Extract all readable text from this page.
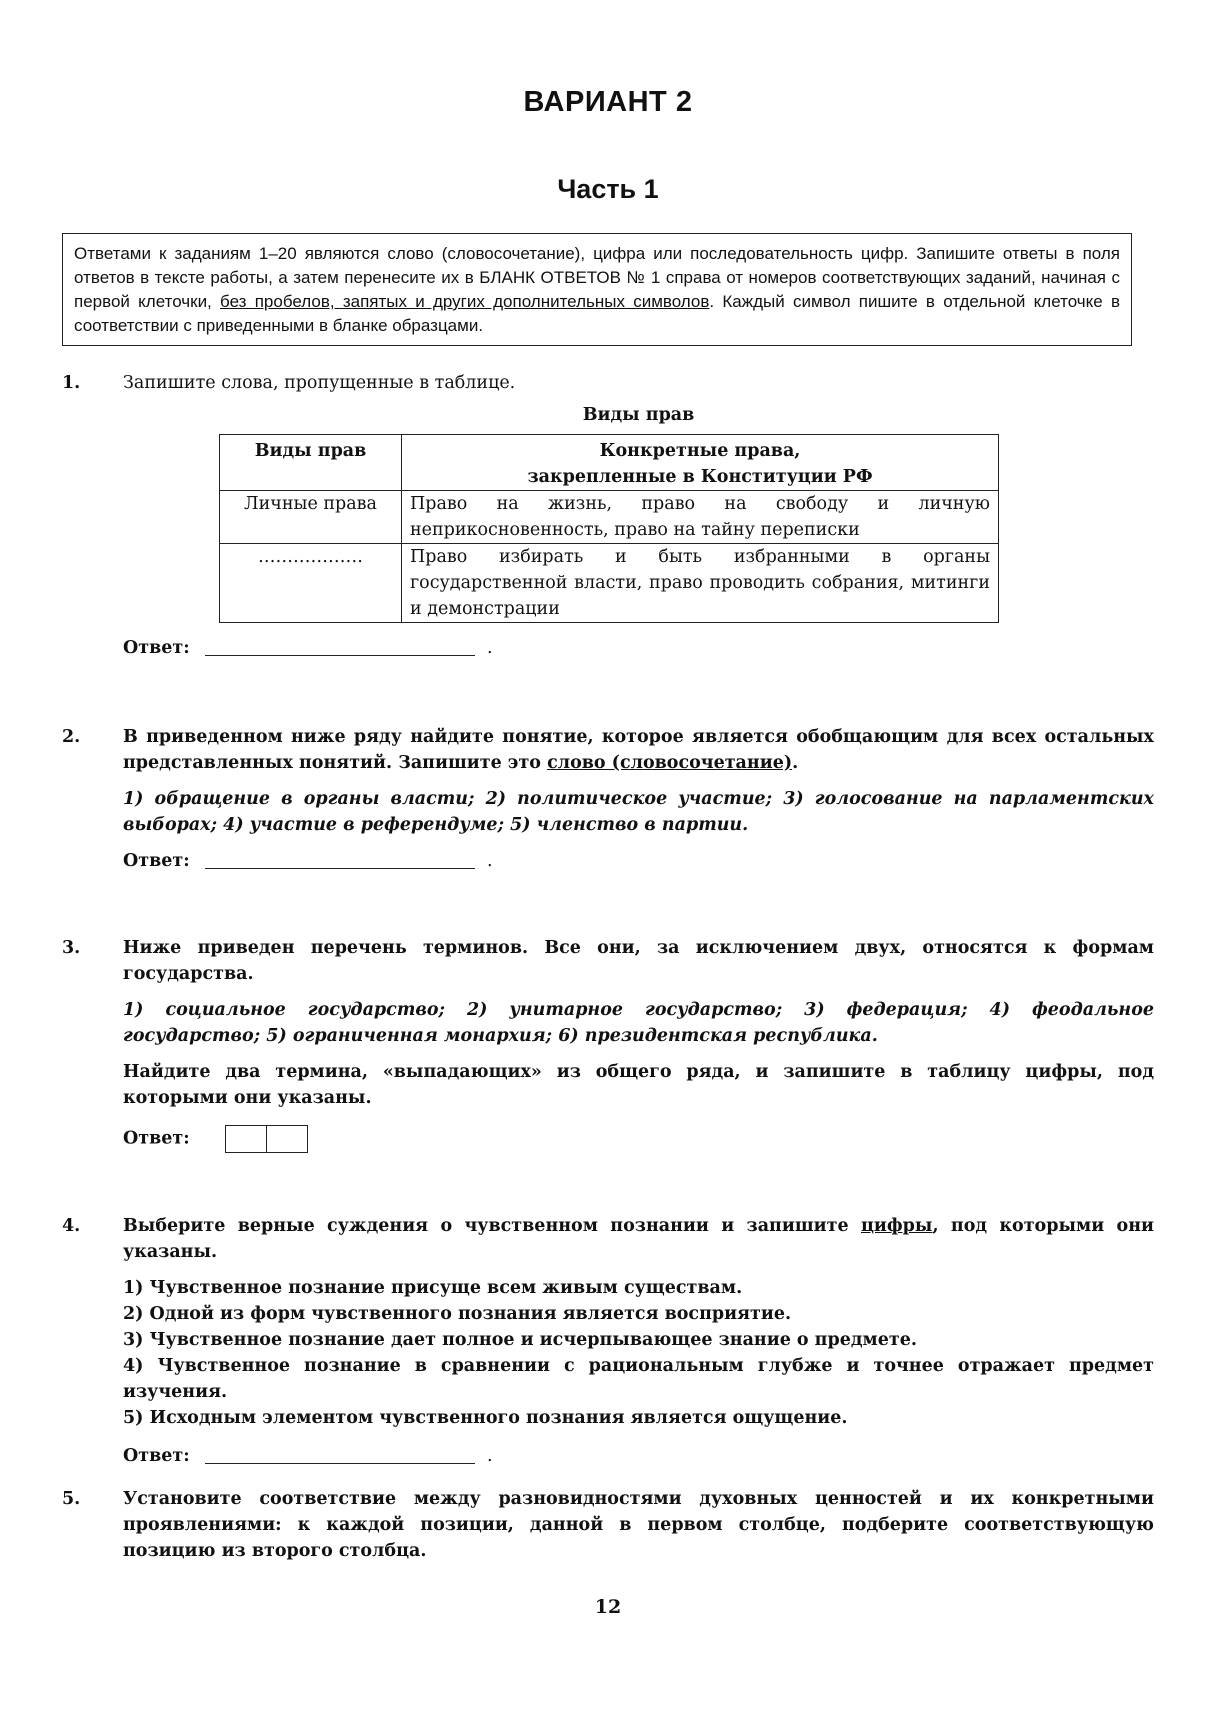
ВАРИАНТ 2
Часть 1
Ответами к заданиям 1–20 являются слово (словосочетание), цифра или последовательность цифр. Запишите ответы в поля ответов в тексте работы, а затем перенесите их в БЛАНК ОТВЕТОВ № 1 справа от номеров соответствующих заданий, начиная с первой клеточки, без пробелов, запятых и других дополнительных символов. Каждый символ пишите в отдельной клеточке в соответствии с приведенными в бланке образцами.
1. Запишите слова, пропущенные в таблице.
Виды прав
Виды прав	Конкретные права,
закрепленные в Конституции РФ
Личные права	Право на жизнь, право на свободу и личную неприкосновенность, право на тайну переписки
………………	Право избирать и быть избранными в органы государственной власти, право проводить собрания, митинги и демонстрации
Ответ:	.
2. В приведенном ниже ряду найдите понятие, которое является обобщающим для всех остальных представленных понятий. Запишите это слово (словосочетание).
1) обращение в органы власти; 2) политическое участие; 3) голосование на парламентских выборах; 4) участие в референдуме; 5) членство в партии.
Ответ:	.
3. Ниже приведен перечень терминов. Все они, за исключением двух, относятся к формам государства.
1) социальное государство; 2) унитарное государство; 3) федерация; 4) феодальное государство; 5) ограниченная монархия; 6) президентская республика.
Найдите два термина, «выпадающих» из общего ряда, и запишите в таблицу цифры, под которыми они указаны.
Ответ:
4. Выберите верные суждения о чувственном познании и запишите цифры, под которыми они указаны.
1) Чувственное познание присуще всем живым существам.
2) Одной из форм чувственного познания является восприятие.
3) Чувственное познание дает полное и исчерпывающее знание о предмете.
4) Чувственное познание в сравнении с рациональным глубже и точнее отражает предмет изучения.
5) Исходным элементом чувственного познания является ощущение.
Ответ:	.
5. Установите соответствие между разновидностями духовных ценностей и их конкретными проявлениями: к каждой позиции, данной в первом столбце, подберите соответствующую позицию из второго столбца.
12
